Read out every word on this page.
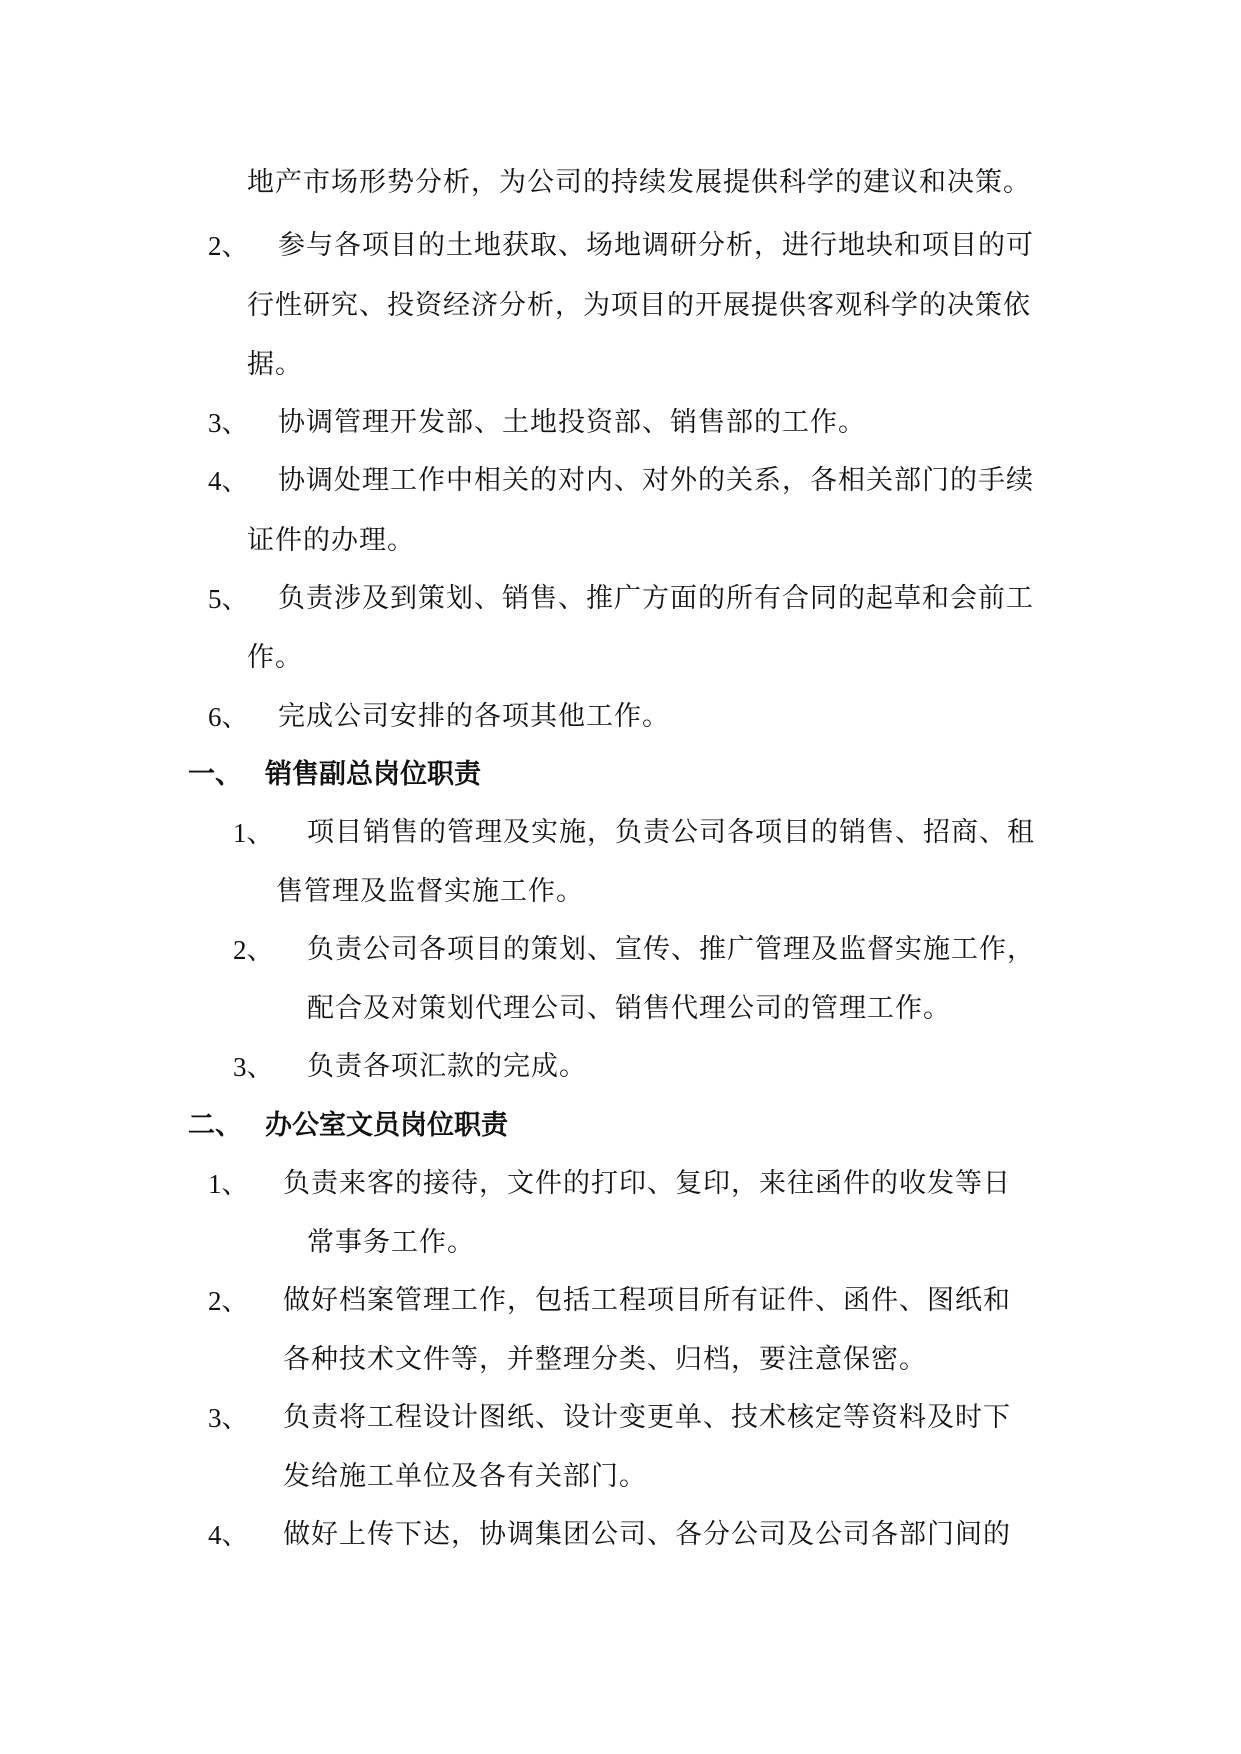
地产市场形势分析，为公司的持续发展提供科学的建议和决策。
2、 参与各项目的土地获取、场地调研分析，进行地块和项目的可
行性研究、投资经济分析，为项目的开展提供客观科学的决策依
据。
3、 协调管理开发部、土地投资部、销售部的工作。
4、 协调处理工作中相关的对内、对外的关系，各相关部门的手续
证件的办理。
5、 负责涉及到策划、销售、推广方面的所有合同的起草和会前工
作。
6、 完成公司安排的各项其他工作。
一、 销售副总岗位职责
1、 项目销售的管理及实施，负责公司各项目的销售、招商、租
售管理及监督实施工作。
2、 负责公司各项目的策划、宣传、推广管理及监督实施工作，
配合及对策划代理公司、销售代理公司的管理工作。
3、 负责各项汇款的完成。
二、 办公室文员岗位职责
1、 负责来客的接待，文件的打印、复印，来往函件的收发等日
常事务工作。
2、 做好档案管理工作，包括工程项目所有证件、函件、图纸和
各种技术文件等，并整理分类、归档，要注意保密。
3、 负责将工程设计图纸、设计变更单、技术核定等资料及时下
发给施工单位及各有关部门。
4、 做好上传下达，协调集团公司、各分公司及公司各部门间的
